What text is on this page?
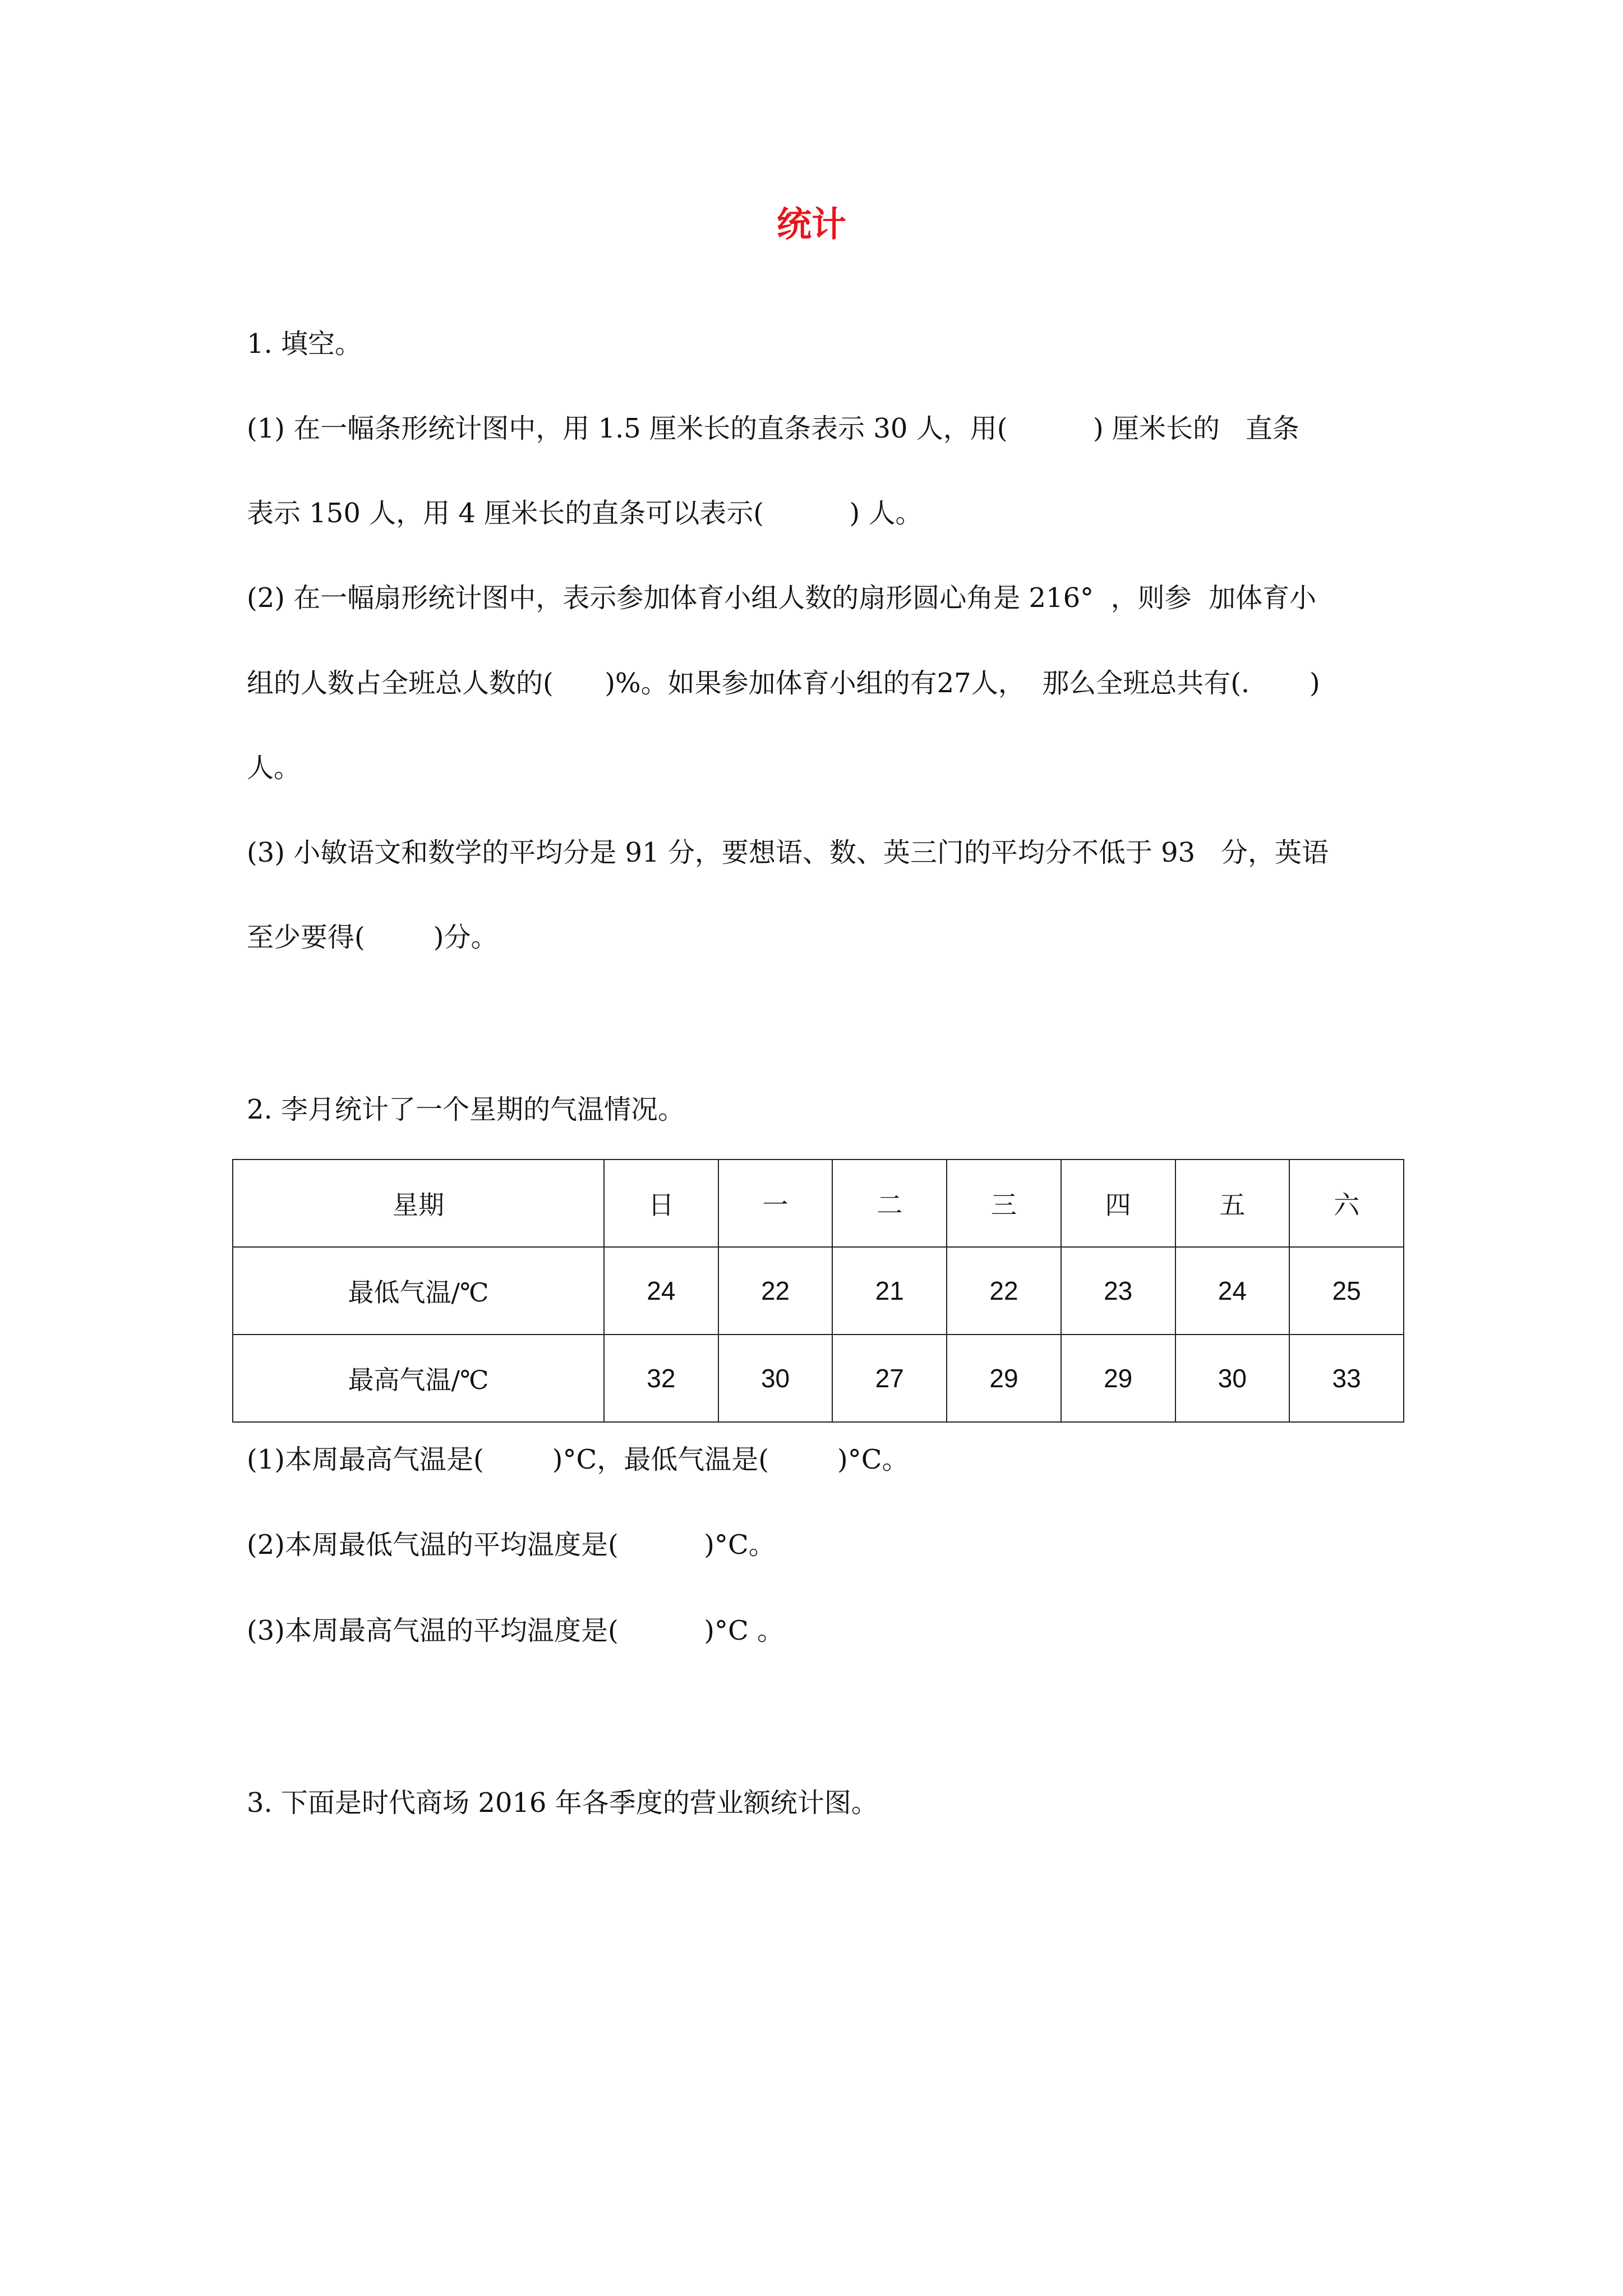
统计
1. 填空。
(1) 在一幅条形统计图中，用 1.5 厘米长的直条表示 30 人，用(          ) 厘米长的   直条
表示 150 人，用 4 厘米长的直条可以表示(          ) 人。
(2) 在一幅扇形统计图中，表示参加体育小组人数的扇形圆心角是 216°  ，则参  加体育小
组的人数占全班总人数的(      )%。如果参加体育小组的有27人，  那么全班总共有(.       )
人。
(3) 小敏语文和数学的平均分是 91 分，要想语、数、英三门的平均分不低于 93   分，英语
至少要得(        )分。
2. 李月统计了一个星期的气温情况。
星期	日	一	二	三	四	五	六
最低气温/℃	24	22	21	22	23	24	25
最高气温/℃	32	30	27	29	29	30	33
(1)本周最高气温是(        )°C，最低气温是(        )°C。
(2)本周最低气温的平均温度是(          )°C。
(3)本周最高气温的平均温度是(          )°C 。
3. 下面是时代商场 2016 年各季度的营业额统计图。
